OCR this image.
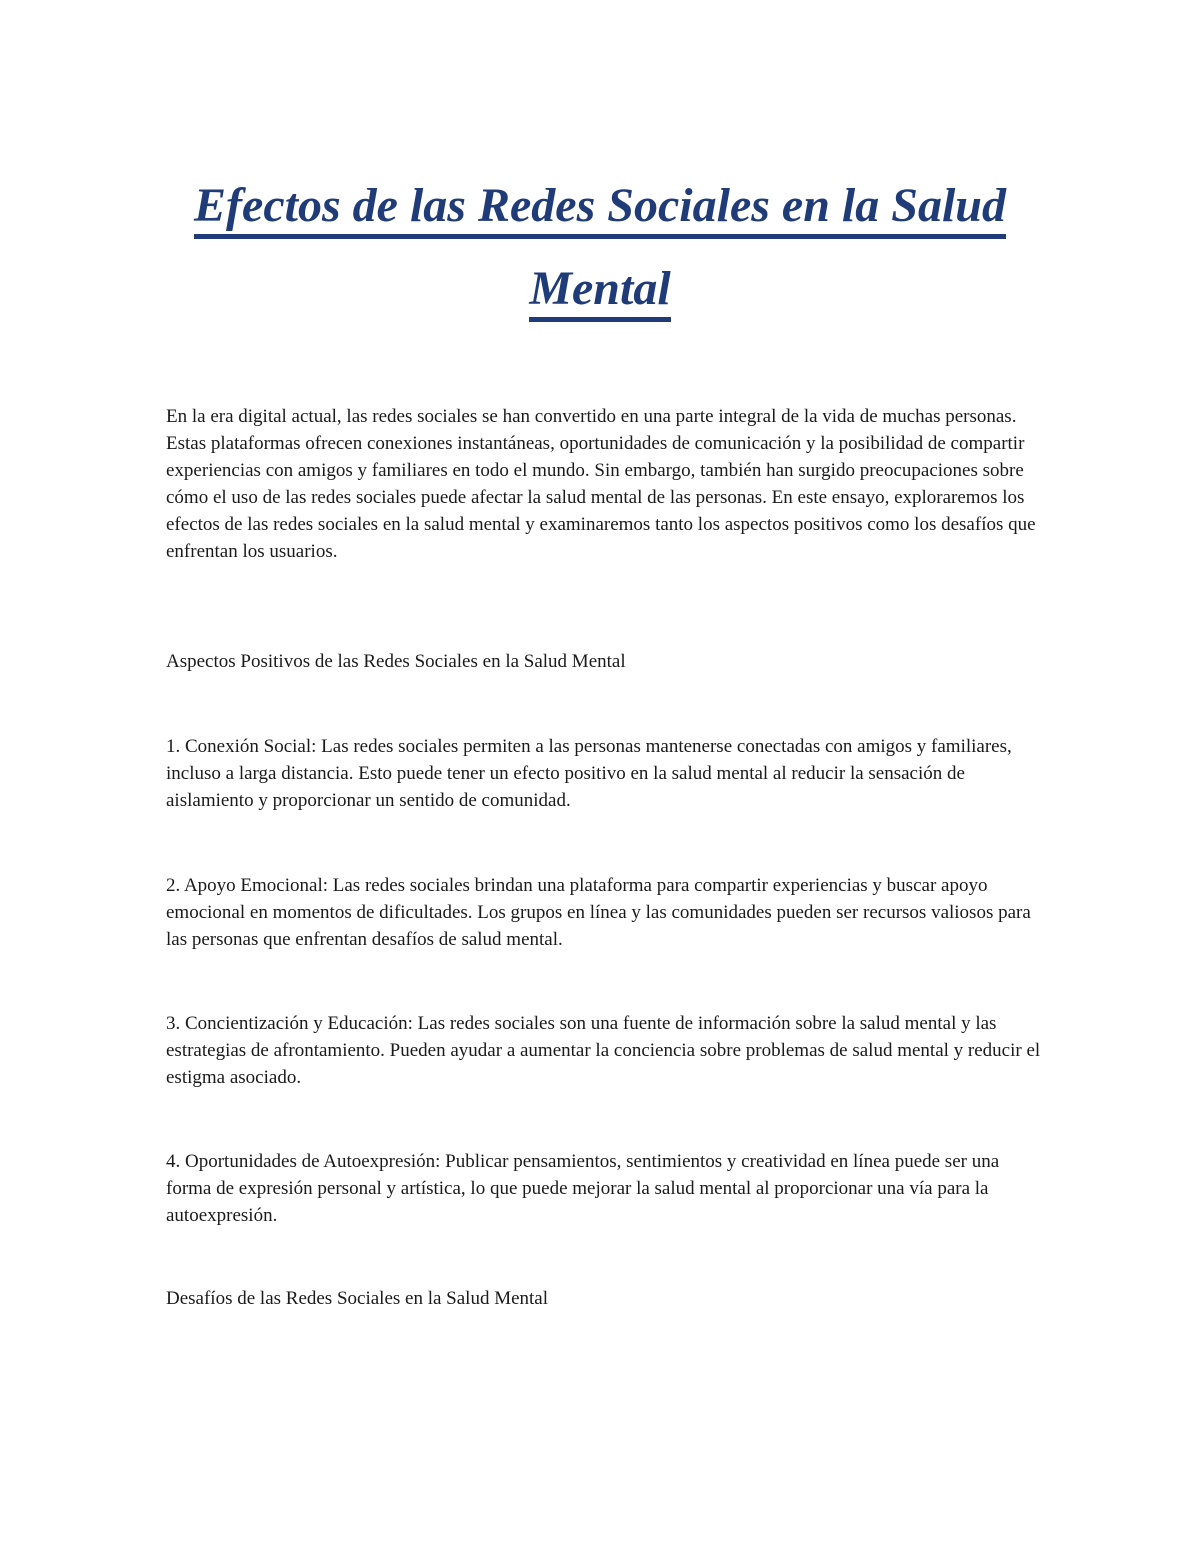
Efectos de las Redes Sociales en la Salud
Mental

En la era digital actual, las redes sociales se han convertido en una parte integral de la vida de muchas personas. Estas plataformas ofrecen conexiones instantáneas, oportunidades de comunicación y la posibilidad de compartir experiencias con amigos y familiares en todo el mundo. Sin embargo, también han surgido preocupaciones sobre cómo el uso de las redes sociales puede afectar la salud mental de las personas. En este ensayo, exploraremos los efectos de las redes sociales en la salud mental y examinaremos tanto los aspectos positivos como los desafíos que enfrentan los usuarios.

Aspectos Positivos de las Redes Sociales en la Salud Mental

1. Conexión Social: Las redes sociales permiten a las personas mantenerse conectadas con amigos y familiares, incluso a larga distancia. Esto puede tener un efecto positivo en la salud mental al reducir la sensación de aislamiento y proporcionar un sentido de comunidad.

2. Apoyo Emocional: Las redes sociales brindan una plataforma para compartir experiencias y buscar apoyo emocional en momentos de dificultades. Los grupos en línea y las comunidades pueden ser recursos valiosos para las personas que enfrentan desafíos de salud mental.

3. Concientización y Educación: Las redes sociales son una fuente de información sobre la salud mental y las estrategias de afrontamiento. Pueden ayudar a aumentar la conciencia sobre problemas de salud mental y reducir el estigma asociado.

4. Oportunidades de Autoexpresión: Publicar pensamientos, sentimientos y creatividad en línea puede ser una forma de expresión personal y artística, lo que puede mejorar la salud mental al proporcionar una vía para la autoexpresión.

Desafíos de las Redes Sociales en la Salud Mental
